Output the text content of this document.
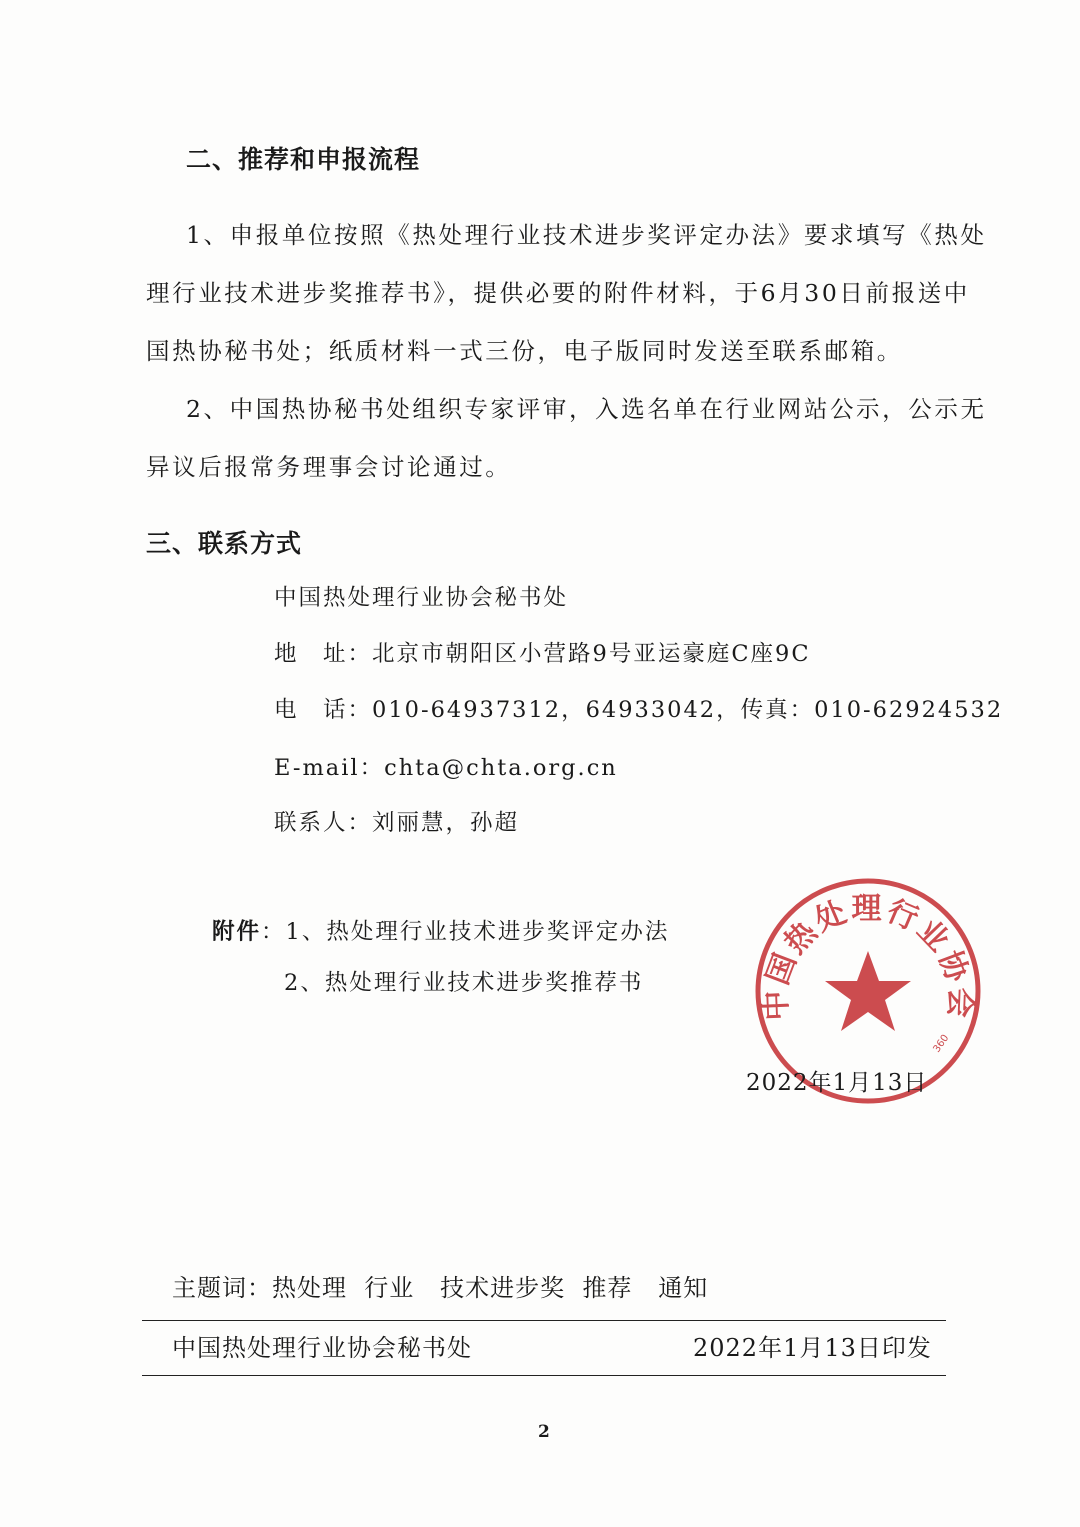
二、推荐和申报流程
1、申报单位按照《热处理行业技术进步奖评定办法》要求填写《热处
理行业技术进步奖推荐书》，提供必要的附件材料，于6月30日前报送中
国热协秘书处；纸质材料一式三份，电子版同时发送至联系邮箱。
2、中国热协秘书处组织专家评审，入选名单在行业网站公示，公示无
异议后报常务理事会讨论通过。
三、联系方式
中国热处理行业协会秘书处
地　址：北京市朝阳区小营路9号亚运豪庭C座9C
电　话：010-64937312，64933042，传真：010-62924532
E-mail：chta@chta.org.cn
联系人：刘丽慧，孙超
附件：1、热处理行业技术进步奖评定办法
2、热处理行业技术进步奖推荐书
2022年1月13日
中国热处理行业协会
360
主题词：热处理  行业   技术进步奖  推荐   通知
中国热处理行业协会秘书处	2022年1月13日印发
2
